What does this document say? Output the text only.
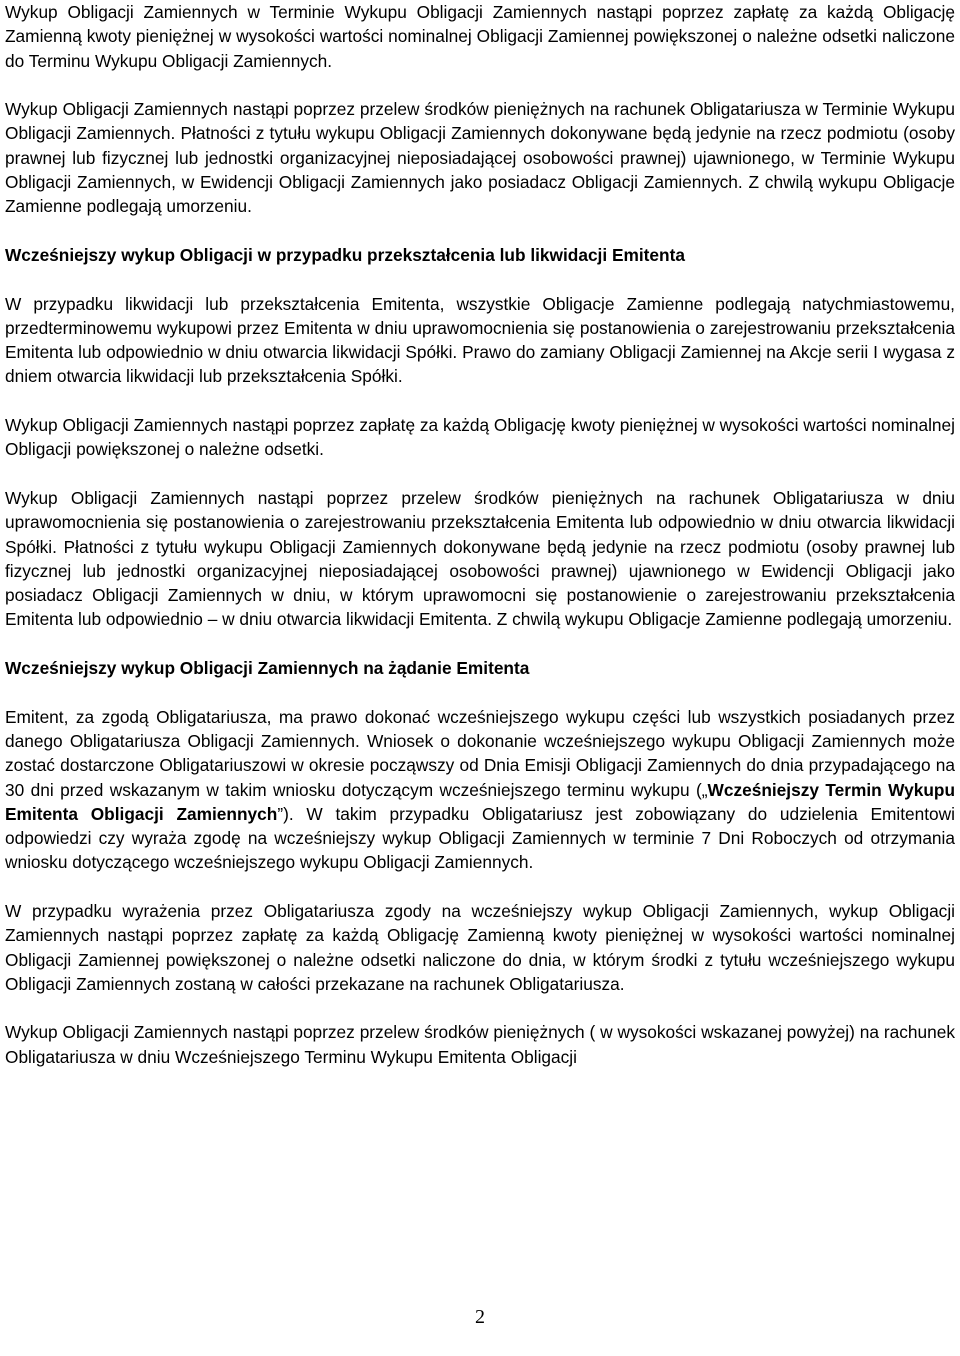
Wykup Obligacji Zamiennych w Terminie Wykupu Obligacji Zamiennych nastąpi poprzez zapłatę za każdą Obligację Zamienną kwoty pieniężnej w wysokości wartości nominalnej Obligacji Zamiennej powiększonej o należne odsetki naliczone do Terminu Wykupu Obligacji Zamiennych.

Wykup Obligacji Zamiennych nastąpi poprzez przelew środków pieniężnych na rachunek Obligatariusza w Terminie Wykupu Obligacji Zamiennych. Płatności z tytułu wykupu Obligacji Zamiennych dokonywane będą jedynie na rzecz podmiotu (osoby prawnej lub fizycznej lub jednostki organizacyjnej nieposiadającej osobowości prawnej) ujawnionego, w Terminie Wykupu Obligacji Zamiennych, w Ewidencji Obligacji Zamiennych jako posiadacz Obligacji Zamiennych. Z chwilą wykupu Obligacje Zamienne podlegają umorzeniu.

Wcześniejszy wykup Obligacji w przypadku przekształcenia lub likwidacji Emitenta

W przypadku likwidacji lub przekształcenia Emitenta, wszystkie Obligacje Zamienne podlegają natychmiastowemu, przedterminowemu wykupowi przez Emitenta w dniu uprawomocnienia się postanowienia o zarejestrowaniu przekształcenia Emitenta lub odpowiednio w dniu otwarcia likwidacji Spółki. Prawo do zamiany Obligacji Zamiennej na Akcje serii I wygasa z dniem otwarcia likwidacji lub przekształcenia Spółki.

Wykup Obligacji Zamiennych nastąpi poprzez zapłatę za każdą Obligację kwoty pieniężnej w wysokości wartości nominalnej Obligacji powiększonej o należne odsetki.

Wykup Obligacji Zamiennych nastąpi poprzez przelew środków pieniężnych na rachunek Obligatariusza w dniu uprawomocnienia się postanowienia o zarejestrowaniu przekształcenia Emitenta lub odpowiednio w dniu otwarcia likwidacji Spółki. Płatności z tytułu wykupu Obligacji Zamiennych dokonywane będą jedynie na rzecz podmiotu (osoby prawnej lub fizycznej lub jednostki organizacyjnej nieposiadającej osobowości prawnej) ujawnionego w Ewidencji Obligacji jako posiadacz Obligacji Zamiennych w dniu, w którym uprawomocni się postanowienie o zarejestrowaniu przekształcenia Emitenta lub odpowiednio – w dniu otwarcia likwidacji Emitenta. Z chwilą wykupu Obligacje Zamienne podlegają umorzeniu.

Wcześniejszy wykup Obligacji Zamiennych na żądanie Emitenta

Emitent, za zgodą Obligatariusza, ma prawo dokonać wcześniejszego wykupu części lub wszystkich posiadanych przez danego Obligatariusza Obligacji Zamiennych. Wniosek o dokonanie wcześniejszego wykupu Obligacji Zamiennych może zostać dostarczone Obligatariuszowi w okresie począwszy od Dnia Emisji Obligacji Zamiennych do dnia przypadającego na 30 dni przed wskazanym w takim wniosku dotyczącym wcześniejszego terminu wykupu („Wcześniejszy Termin Wykupu Emitenta Obligacji Zamiennych”). W takim przypadku Obligatariusz jest zobowiązany do udzielenia Emitentowi odpowiedzi czy wyraża zgodę na wcześniejszy wykup Obligacji Zamiennych w terminie 7 Dni Roboczych od otrzymania wniosku dotyczącego wcześniejszego wykupu Obligacji Zamiennych.

W przypadku wyrażenia przez Obligatariusza zgody na wcześniejszy wykup Obligacji Zamiennych, wykup Obligacji Zamiennych nastąpi poprzez zapłatę za każdą Obligację Zamienną kwoty pieniężnej w wysokości wartości nominalnej Obligacji Zamiennej powiększonej o należne odsetki naliczone do dnia, w którym środki z tytułu wcześniejszego wykupu Obligacji Zamiennych zostaną w całości przekazane na rachunek Obligatariusza.

Wykup Obligacji Zamiennych nastąpi poprzez przelew środków pieniężnych ( w wysokości wskazanej powyżej) na rachunek Obligatariusza w dniu Wcześniejszego Terminu Wykupu Emitenta Obligacji

2
